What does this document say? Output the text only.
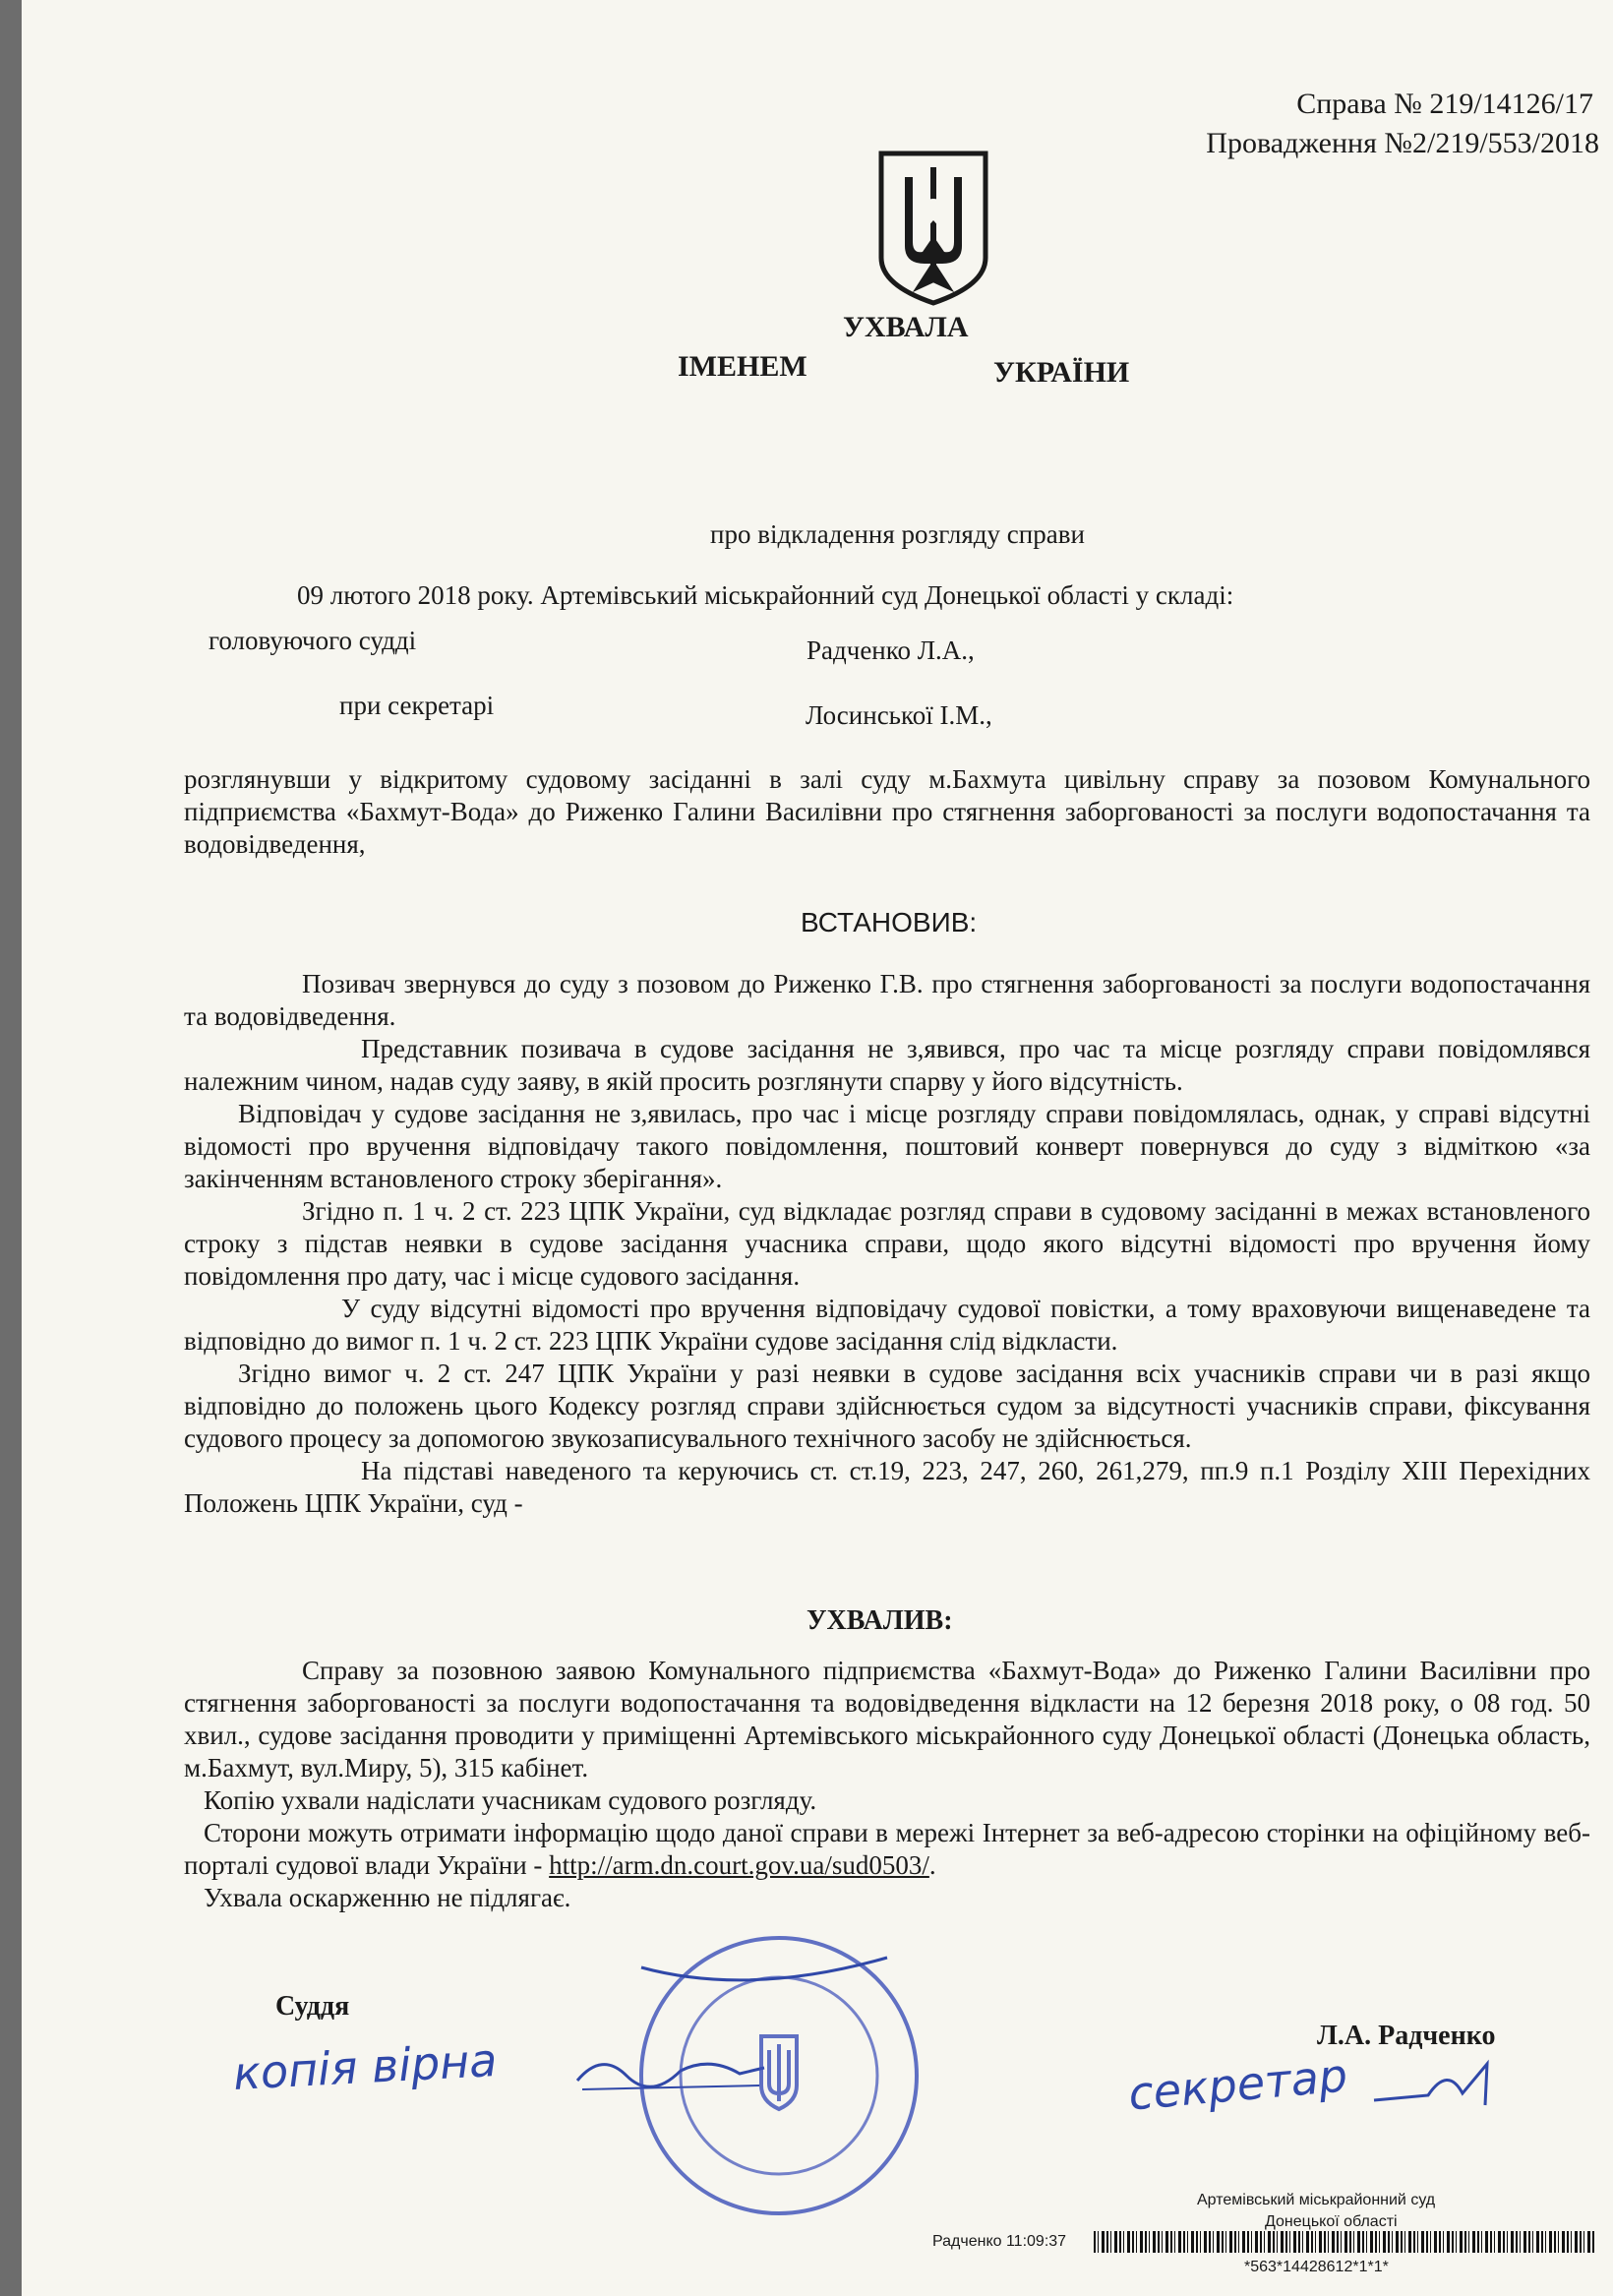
Справа № 219/14126/17
Провадження №2/219/553/2018
УХВАЛА
ІМЕНЕМ	УКРАЇНИ
про відкладення розгляду справи
09 лютого 2018 року. Артемівський міськрайонний суд Донецької області у складі:
головуючого судді	Радченко Л.А.,
при секретарі	Лосинської І.М.,

розглянувши у відкритому судовому засіданні в залі суду м.Бахмута цивільну справу за позовом Комунального підприємства «Бахмут-Вода» до Риженко Галини Василівни про стягнення заборгованості за послуги водопостачання та водовідведення,

ВСТАНОВИВ:

Позивач звернувся до суду з позовом до Риженко Г.В. про стягнення заборгованості за послуги водопостачання та водовідведення.

Представник позивача в судове засідання не з,явився, про час та місце розгляду справи повідомлявся належним чином, надав суду заяву, в якій просить розглянути спарву у його відсутність.

Відповідач у судове засідання не з,явилась, про час і місце розгляду справи повідомлялась, однак, у справі відсутні відомості про вручення відповідачу такого повідомлення, поштовий конверт повернувся до суду з відміткою «за закінченням встановленого строку зберігання».

Згідно п. 1 ч. 2 ст. 223 ЦПК України, суд відкладає розгляд справи в судовому засіданні в межах встановленого строку з підстав неявки в судове засідання учасника справи, щодо якого відсутні відомості про вручення йому повідомлення про дату, час і місце судового засідання.

У суду відсутні відомості про вручення відповідачу судової повістки, а тому враховуючи вищенаведене та відповідно до вимог п. 1 ч. 2 ст. 223 ЦПК України судове засідання слід відкласти.

Згідно вимог ч. 2 ст. 247 ЦПК України у разі неявки в судове засідання всіх учасників справи чи в разі якщо відповідно до положень цього Кодексу розгляд справи здійснюється судом за відсутності учасників справи, фіксування судового процесу за допомогою звукозаписувального технічного засобу не здійснюється.

На підставі наведеного та керуючись ст. ст.19, 223, 247, 260, 261,279, пп.9 п.1 Розділу ХІІІ Перехідних Положень ЦПК України, суд -

УХВАЛИВ:

Справу за позовною заявою Комунального підприємства «Бахмут-Вода» до Риженко Галини Василівни про стягнення заборгованості за послуги водопостачання та водовідведення відкласти на 12 березня 2018 року, о 08 год. 50 хвил., судове засідання проводити у приміщенні Артемівського міськрайонного суду Донецької області (Донецька область, м.Бахмут, вул.Миру, 5), 315 кабінет.

Копію ухвали надіслати учасникам судового розгляду.

Сторони можуть отримати інформацію щодо даної справи в мережі Інтернет за веб-адресою сторінки на офіційному веб-порталі судової влади України - http://arm.dn.court.gov.ua/sud0503/.

Ухвала оскарженню не підлягає.

Суддя
Л.А. Радченко
копія вірна	секретар
Артемівський міськрайонний суд
Донецької області
Радченко 11:09:37
*563*14428612*1*1*
